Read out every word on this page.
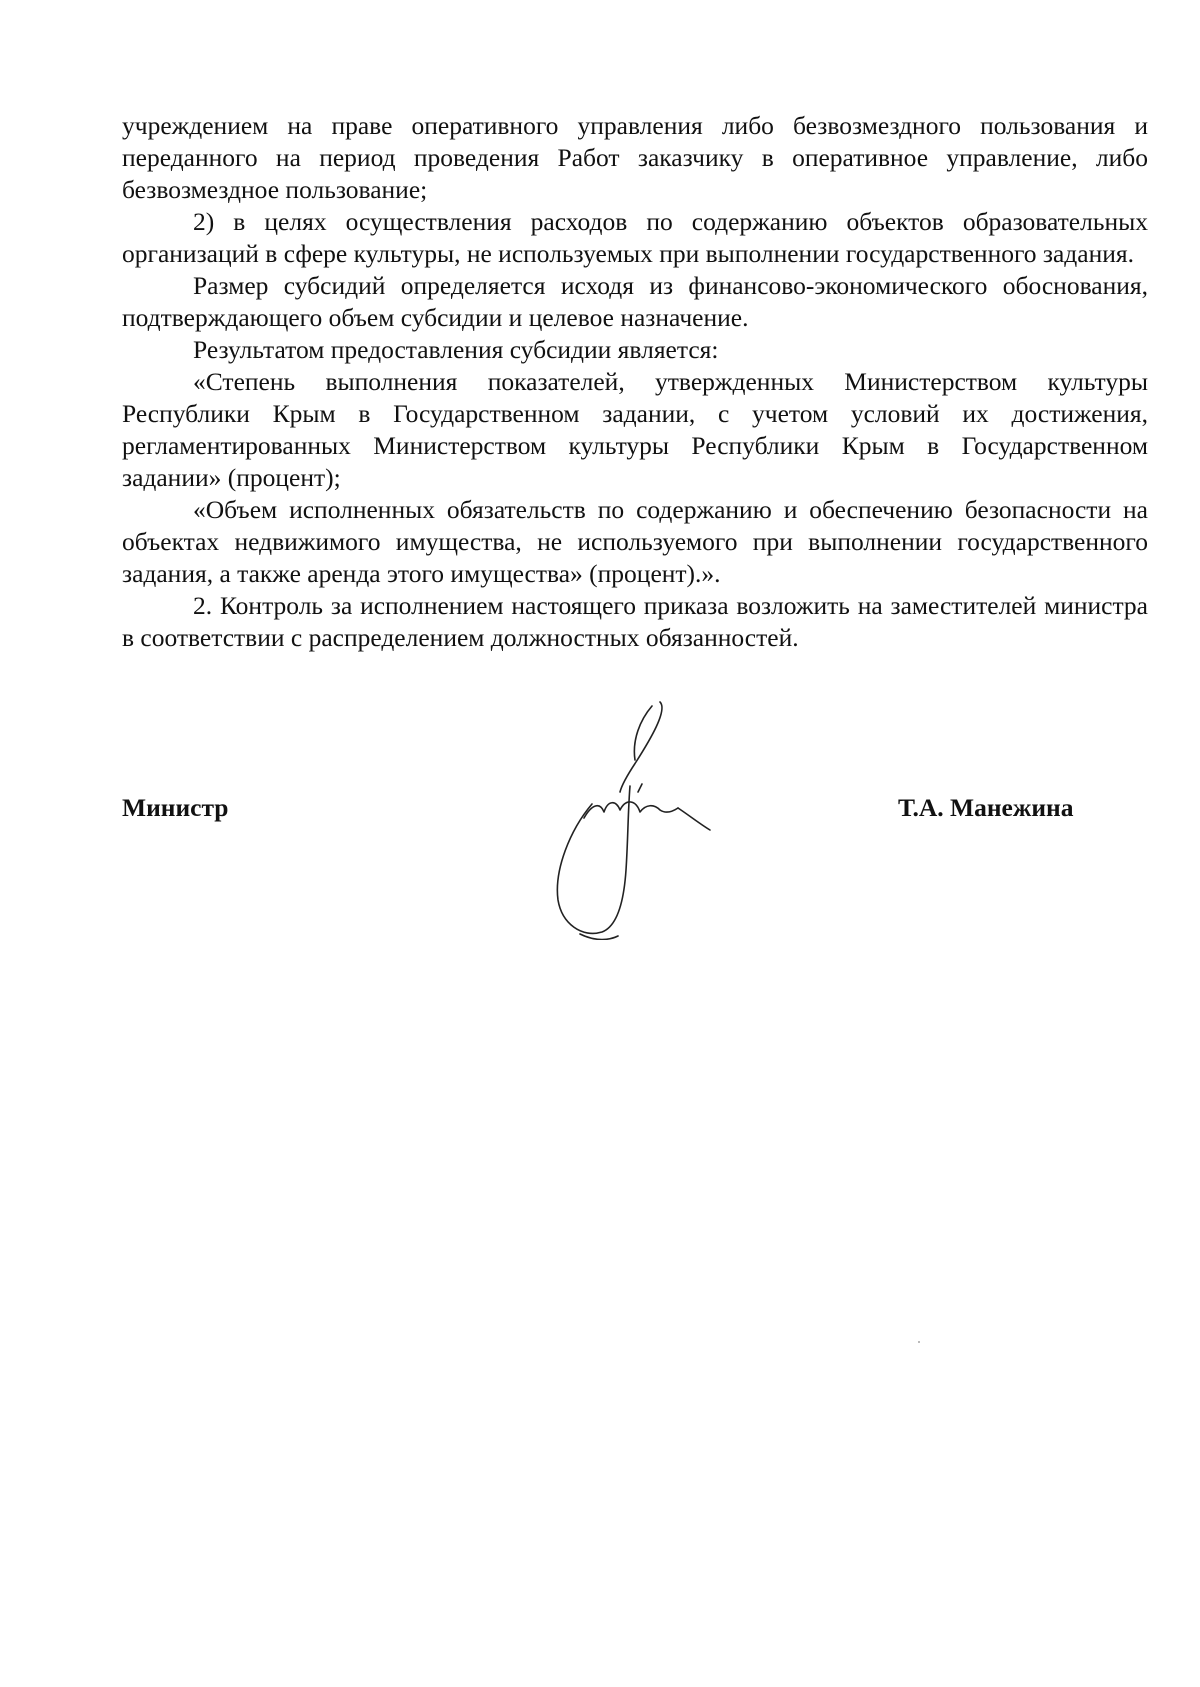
учреждением на праве оперативного управления либо безвозмездного пользования и переданного на период проведения Работ заказчику в оперативное управление, либо безвозмездное пользование;

2) в целях осуществления расходов по содержанию объектов образовательных организаций в сфере культуры, не используемых при выполнении государственного задания.

Размер субсидий определяется исходя из финансово-экономического обоснования, подтверждающего объем субсидии и целевое назначение.

Результатом предоставления субсидии является:

«Степень выполнения показателей, утвержденных Министерством культуры Республики Крым в Государственном задании, с учетом условий их достижения, регламентированных Министерством культуры Республики Крым в Государственном задании» (процент);

«Объем исполненных обязательств по содержанию и обеспечению безопасности на объектах недвижимого имущества, не используемого при выполнении государственного задания, а также аренда этого имущества» (процент).».

2. Контроль за исполнением настоящего приказа возложить на заместителей министра в соответствии с распределением должностных обязанностей.

Министр	Т.А. Манежина
